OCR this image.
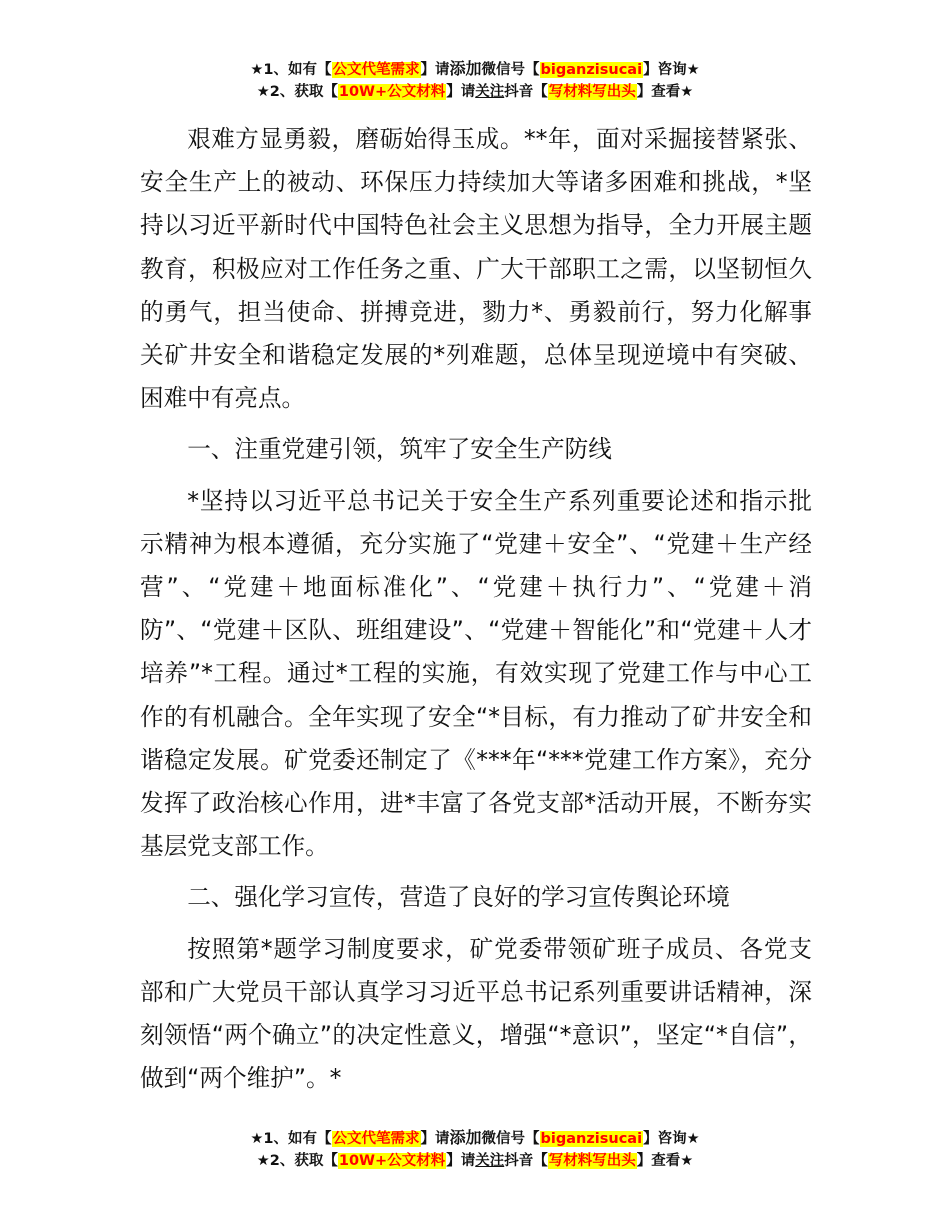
★1、如有【公文代笔需求】请添加微信号【biganzisucai】咨询★
★2、获取【10W+公文材料】请关注抖音【写材料写出头】查看★

艰难方显勇毅，磨砺始得玉成。**年，面对采掘接替紧张、安全生产上的被动、环保压力持续加大等诸多困难和挑战，*坚持以习近平新时代中国特色社会主义思想为指导，全力开展主题教育，积极应对工作任务之重、广大干部职工之需，以坚韧恒久的勇气，担当使命、拼搏竞进，勠力*、勇毅前行，努力化解事关矿井安全和谐稳定发展的*列难题，总体呈现逆境中有突破、困难中有亮点。

一、注重党建引领，筑牢了安全生产防线

*坚持以习近平总书记关于安全生产系列重要论述和指示批示精神为根本遵循，充分实施了“党建＋安全”、“党建＋生产经营”、“党建＋地面标准化”、“党建＋执行力”、“党建＋消防”、“党建＋区队、班组建设”、“党建＋智能化”和“党建＋人才培养”*工程。通过*工程的实施，有效实现了党建工作与中心工作的有机融合。全年实现了安全“*目标，有力推动了矿井安全和谐稳定发展。矿党委还制定了《***年“***党建工作方案》，充分发挥了政治核心作用，进*丰富了各党支部*活动开展，不断夯实基层党支部工作。

二、强化学习宣传，营造了良好的学习宣传舆论环境

按照第*题学习制度要求，矿党委带领矿班子成员、各党支部和广大党员干部认真学习习近平总书记系列重要讲话精神，深刻领悟“两个确立”的决定性意义，增强“*意识”，坚定“*自信”，做到“两个维护”。*

★1、如有【公文代笔需求】请添加微信号【biganzisucai】咨询★
★2、获取【10W+公文材料】请关注抖音【写材料写出头】查看★
